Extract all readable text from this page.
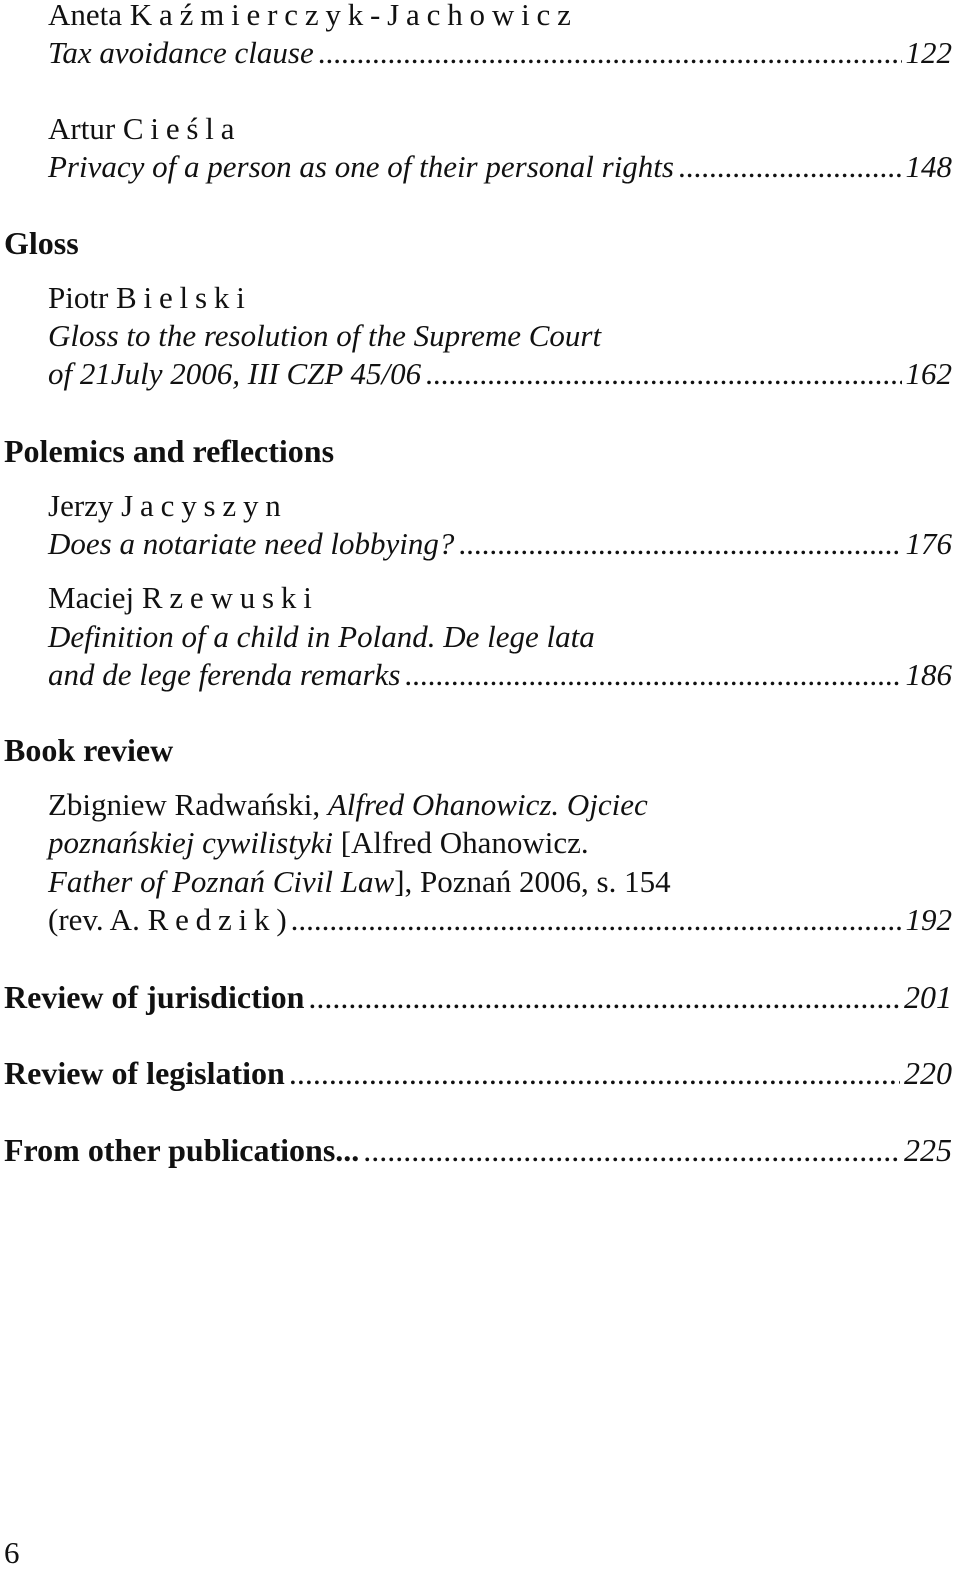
Aneta Kaźmierczyk-Jachowicz
Tax avoidance clause .....	122
Artur Cieśla
Privacy of a person as one of their personal rights .....	148
Gloss
Piotr Bielski
Gloss to the resolution of the Supreme Court
of 21July 2006, III CZP 45/06 .....	162
Polemics and reflections
Jerzy Jacyszyn
Does a notariate need lobbying? .....	176
Maciej Rzewuski
Definition of a child in Poland. De lege lata
and de lege ferenda remarks .....	186
Book review
Zbigniew Radwański, Alfred Ohanowicz. Ojciec
poznańskiej cywilistyki [Alfred Ohanowicz.
Father of Poznań Civil Law], Poznań 2006, s. 154
(rev. A. Redzik) .....	192
Review of jurisdiction .....	201
Review of legislation .....	220
From other publications... .....	225
6
